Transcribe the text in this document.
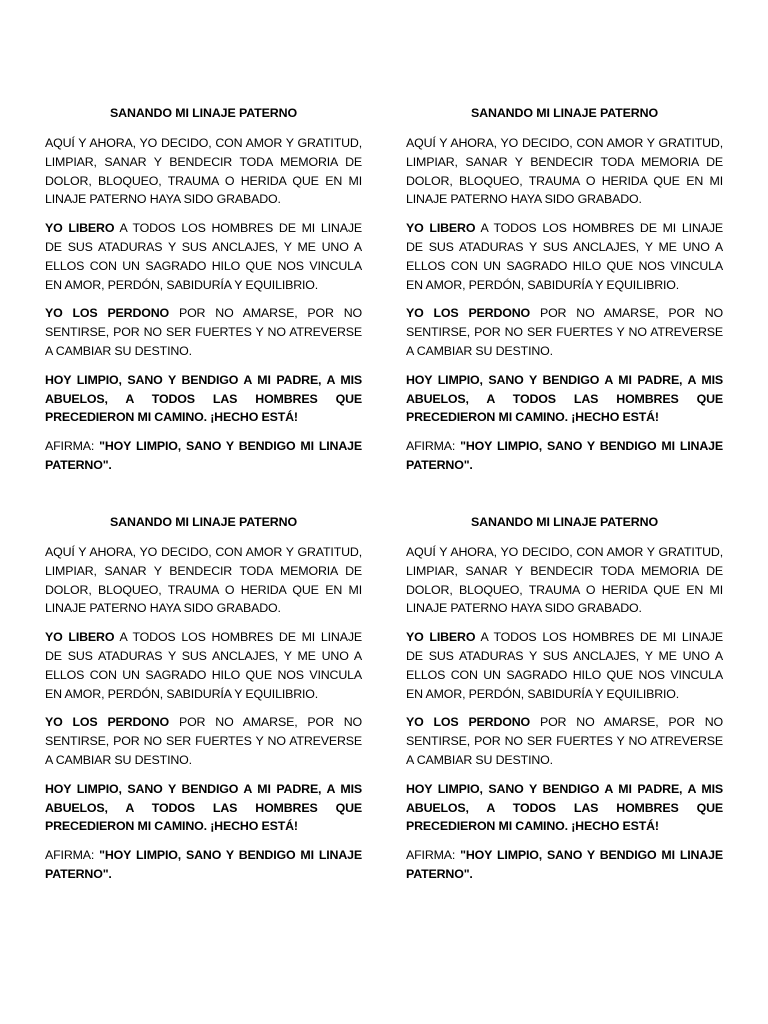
SANANDO MI LINAJE PATERNO

AQUÍ Y AHORA, YO DECIDO, CON AMOR Y GRATITUD, LIMPIAR, SANAR Y BENDECIR TODA MEMORIA DE DOLOR, BLOQUEO, TRAUMA O HERIDA QUE EN MI LINAJE PATERNO HAYA SIDO GRABADO.

YO LIBERO A TODOS LOS HOMBRES DE MI LINAJE DE SUS ATADURAS Y SUS ANCLAJES, Y ME UNO A ELLOS CON UN SAGRADO HILO QUE NOS VINCULA EN AMOR, PERDÓN, SABIDURÍA Y EQUILIBRIO.

YO LOS PERDONO POR NO AMARSE, POR NO SENTIRSE, POR NO SER FUERTES Y NO ATREVERSE A CAMBIAR SU DESTINO.

HOY LIMPIO, SANO Y BENDIGO A MI PADRE, A MIS ABUELOS, A TODOS LAS HOMBRES QUE PRECEDIERON MI CAMINO. ¡HECHO ESTÁ!

AFIRMA: "HOY LIMPIO, SANO Y BENDIGO MI LINAJE PATERNO".

SANANDO MI LINAJE PATERNO

AQUÍ Y AHORA, YO DECIDO, CON AMOR Y GRATITUD, LIMPIAR, SANAR Y BENDECIR TODA MEMORIA DE DOLOR, BLOQUEO, TRAUMA O HERIDA QUE EN MI LINAJE PATERNO HAYA SIDO GRABADO.

YO LIBERO A TODOS LOS HOMBRES DE MI LINAJE DE SUS ATADURAS Y SUS ANCLAJES, Y ME UNO A ELLOS CON UN SAGRADO HILO QUE NOS VINCULA EN AMOR, PERDÓN, SABIDURÍA Y EQUILIBRIO.

YO LOS PERDONO POR NO AMARSE, POR NO SENTIRSE, POR NO SER FUERTES Y NO ATREVERSE A CAMBIAR SU DESTINO.

HOY LIMPIO, SANO Y BENDIGO A MI PADRE, A MIS ABUELOS, A TODOS LAS HOMBRES QUE PRECEDIERON MI CAMINO. ¡HECHO ESTÁ!

AFIRMA: "HOY LIMPIO, SANO Y BENDIGO MI LINAJE PATERNO".

SANANDO MI LINAJE PATERNO

AQUÍ Y AHORA, YO DECIDO, CON AMOR Y GRATITUD, LIMPIAR, SANAR Y BENDECIR TODA MEMORIA DE DOLOR, BLOQUEO, TRAUMA O HERIDA QUE EN MI LINAJE PATERNO HAYA SIDO GRABADO.

YO LIBERO A TODOS LOS HOMBRES DE MI LINAJE DE SUS ATADURAS Y SUS ANCLAJES, Y ME UNO A ELLOS CON UN SAGRADO HILO QUE NOS VINCULA EN AMOR, PERDÓN, SABIDURÍA Y EQUILIBRIO.

YO LOS PERDONO POR NO AMARSE, POR NO SENTIRSE, POR NO SER FUERTES Y NO ATREVERSE A CAMBIAR SU DESTINO.

HOY LIMPIO, SANO Y BENDIGO A MI PADRE, A MIS ABUELOS, A TODOS LAS HOMBRES QUE PRECEDIERON MI CAMINO. ¡HECHO ESTÁ!

AFIRMA: "HOY LIMPIO, SANO Y BENDIGO MI LINAJE PATERNO".

SANANDO MI LINAJE PATERNO

AQUÍ Y AHORA, YO DECIDO, CON AMOR Y GRATITUD, LIMPIAR, SANAR Y BENDECIR TODA MEMORIA DE DOLOR, BLOQUEO, TRAUMA O HERIDA QUE EN MI LINAJE PATERNO HAYA SIDO GRABADO.

YO LIBERO A TODOS LOS HOMBRES DE MI LINAJE DE SUS ATADURAS Y SUS ANCLAJES, Y ME UNO A ELLOS CON UN SAGRADO HILO QUE NOS VINCULA EN AMOR, PERDÓN, SABIDURÍA Y EQUILIBRIO.

YO LOS PERDONO POR NO AMARSE, POR NO SENTIRSE, POR NO SER FUERTES Y NO ATREVERSE A CAMBIAR SU DESTINO.

HOY LIMPIO, SANO Y BENDIGO A MI PADRE, A MIS ABUELOS, A TODOS LAS HOMBRES QUE PRECEDIERON MI CAMINO. ¡HECHO ESTÁ!

AFIRMA: "HOY LIMPIO, SANO Y BENDIGO MI LINAJE PATERNO".
